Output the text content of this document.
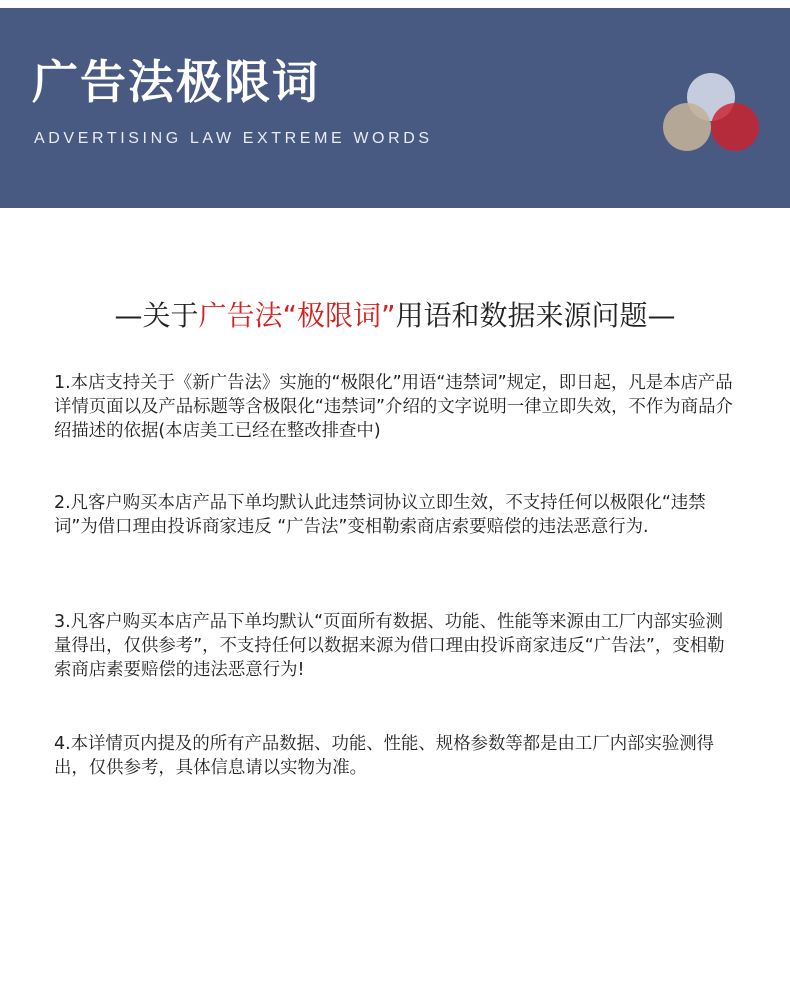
广告法极限词
ADVERTISING LAW EXTREME WORDS
—关于广告法“极限词”用语和数据来源问题—

1.本店支持关于《新广告法》实施的“极限化”用语“违禁词”规定，即日起，凡是本店产品详情页面以及产品标题等含极限化“违禁词”介绍的文字说明一律立即失效，不作为商品介绍描述的依据(本店美工已经在整改排查中)

2.凡客户购买本店产品下单均默认此违禁词协议立即生效，不支持任何以极限化“违禁词”为借口理由投诉商家违反 “广告法”变相勒索商店索要赔偿的违法恶意行为.

3.凡客户购买本店产品下单均默认“页面所有数据、功能、性能等来源由工厂内部实验测量得出，仅供参考”，不支持任何以数据来源为借口理由投诉商家违反“广告法”，变相勒索商店素要赔偿的违法恶意行为!

4.本详情页内提及的所有产品数据、功能、性能、规格参数等都是由工厂内部实验测得出，仅供参考，具体信息请以实物为准。
